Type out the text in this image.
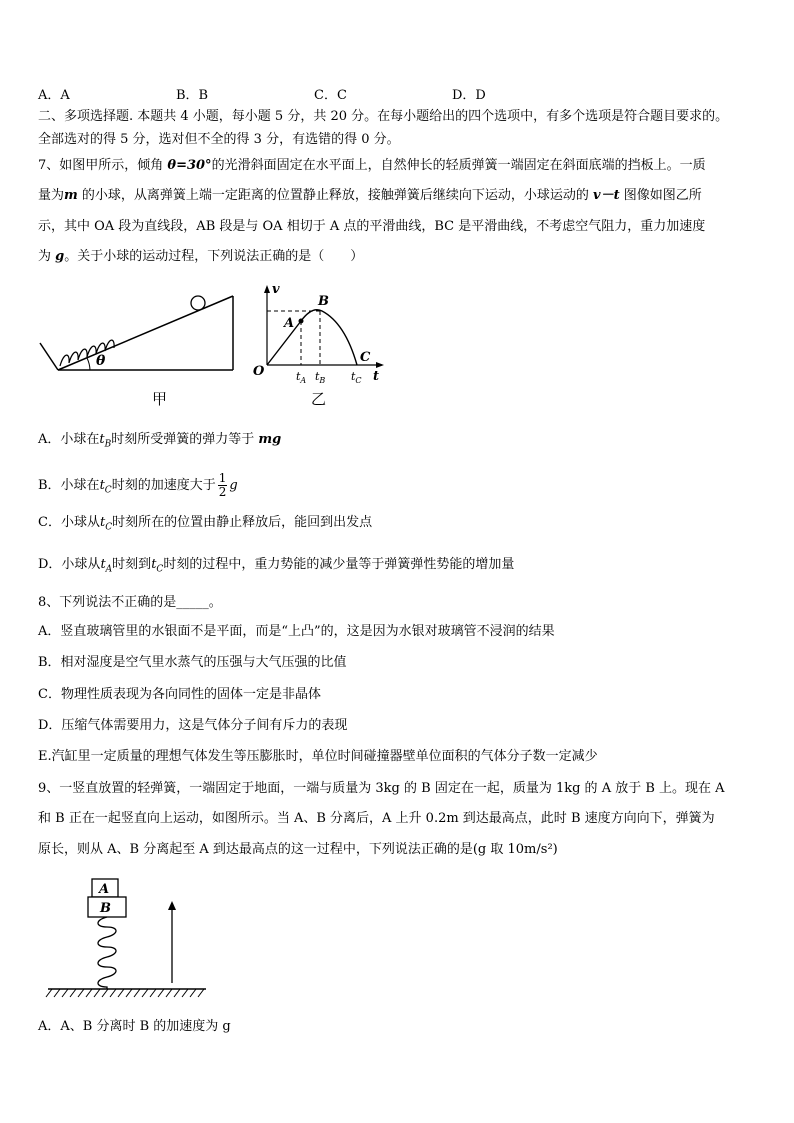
A．A	B．B	C．C	D．D
二、多项选择题. 本题共 4 小题，每小题 5 分，共 20 分。在每小题给出的四个选项中，有多个选项是符合题目要求的。
全部选对的得 5 分，选对但不全的得 3 分，有选错的得 0 分。
7、如图甲所示，倾角 θ=30°的光滑斜面固定在水平面上，自然伸长的轻质弹簧一端固定在斜面底端的挡板上。一质
量为m 的小球，从离弹簧上端一定距离的位置静止释放，接触弹簧后继续向下运动，小球运动的 v－t 图像如图乙所
示，其中 OA 段为直线段，AB 段是与 OA 相切于 A 点的平滑曲线，BC 是平滑曲线，不考虑空气阻力，重力加速度
为 g。关于小球的运动过程，下列说法正确的是（　　）
θ
甲
v
t
O
A
B
C
$t_A$ $t_B$ $t_C$
乙
A．小球在$t_B$时刻所受弹簧的弹力等于 mg
B．小球在$t_C$时刻的加速度大于 $\frac{1}{2}$ g
C．小球从$t_C$时刻所在的位置由静止释放后，能回到出发点
D．小球从$t_A$时刻到$t_C$时刻的过程中，重力势能的减少量等于弹簧弹性势能的增加量
8、下列说法不正确的是_____。
A．竖直玻璃管里的水银面不是平面，而是“上凸”的，这是因为水银对玻璃管不浸润的结果
B．相对湿度是空气里水蒸气的压强与大气压强的比值
C．物理性质表现为各向同性的固体一定是非晶体
D．压缩气体需要用力，这是气体分子间有斥力的表现
E.汽缸里一定质量的理想气体发生等压膨胀时，单位时间碰撞器壁单位面积的气体分子数一定减少
9、一竖直放置的轻弹簧，一端固定于地面，一端与质量为 3kg 的 B 固定在一起，质量为 1kg 的 A 放于 B 上。现在 A
和 B 正在一起竖直向上运动，如图所示。当 A、B 分离后，A 上升 0.2m 到达最高点，此时 B 速度方向向下，弹簧为
原长，则从 A、B 分离起至 A 到达最高点的这一过程中，下列说法正确的是(g 取 10m/s²)
A
B
A．A、B 分离时 B 的加速度为 g
